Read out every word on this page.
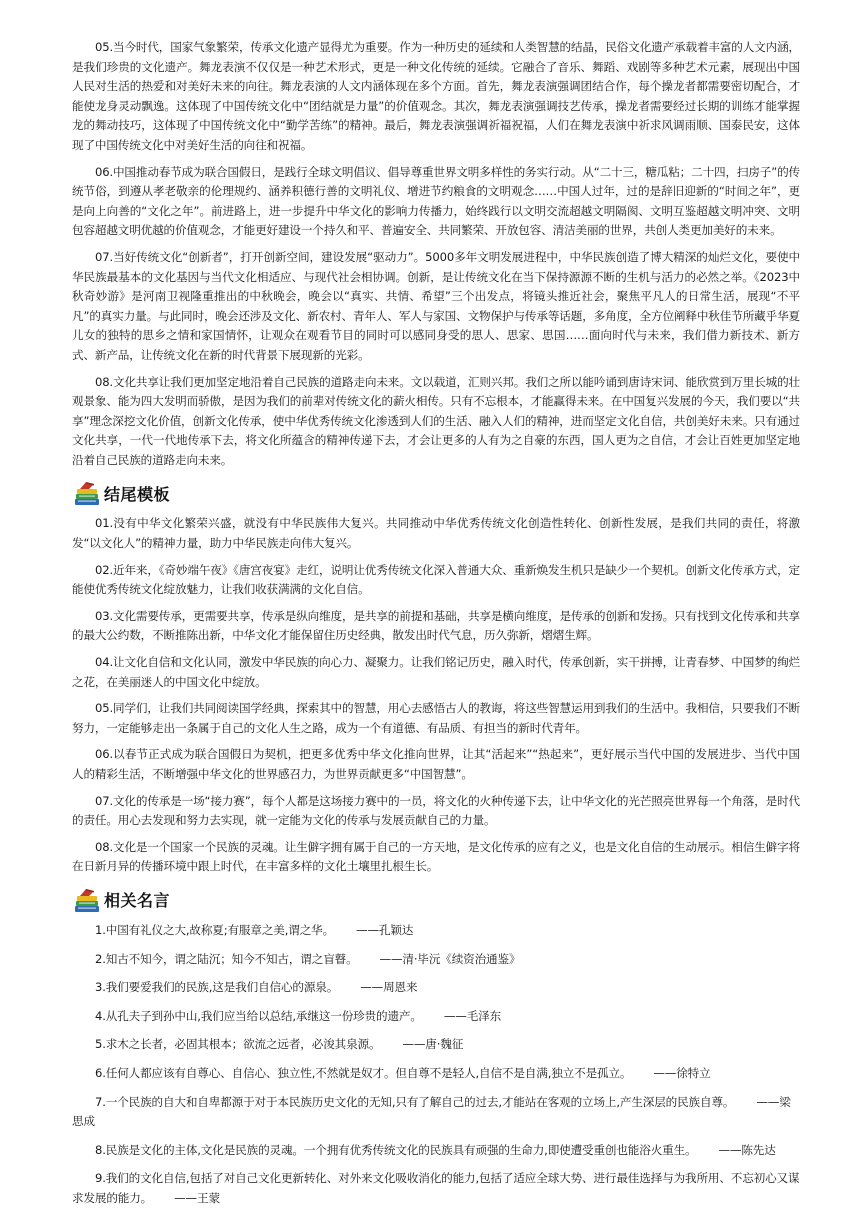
05.当今时代，国家气象繁荣，传承文化遗产显得尤为重要。作为一种历史的延续和人类智慧的结晶，民俗文化遗产承载着丰富的人文内涵，是我们珍贵的文化遗产。舞龙表演不仅仅是一种艺术形式，更是一种文化传统的延续。它融合了音乐、舞蹈、戏剧等多种艺术元素，展现出中国人民对生活的热爱和对美好未来的向往。舞龙表演的人文内涵体现在多个方面。首先，舞龙表演强调团结合作，每个操龙者都需要密切配合，才能使龙身灵动飘逸。这体现了中国传统文化中“团结就是力量”的价值观念。其次，舞龙表演强调技艺传承，操龙者需要经过长期的训练才能掌握龙的舞动技巧，这体现了中国传统文化中“勤学苦练”的精神。最后，舞龙表演强调祈福祝福，人们在舞龙表演中祈求风调雨顺、国泰民安，这体现了中国传统文化中对美好生活的向往和祝福。

06.中国推动春节成为联合国假日，是践行全球文明倡议、倡导尊重世界文明多样性的务实行动。从“二十三，糖瓜粘；二十四，扫房子”的传统节俗，到遵从孝老敬亲的伦理规约、涵养积德行善的文明礼仪、增进节约粮食的文明观念……中国人过年，过的是辞旧迎新的“时间之年”，更是向上向善的“文化之年”。前进路上，进一步提升中华文化的影响力传播力，始终践行以文明交流超越文明隔阂、文明互鉴超越文明冲突、文明包容超越文明优越的价值观念，才能更好建设一个持久和平、普遍安全、共同繁荣、开放包容、清洁美丽的世界，共创人类更加美好的未来。

07.当好传统文化“创新者”，打开创新空间，建设发展“驱动力”。5000多年文明发展进程中，中华民族创造了博大精深的灿烂文化，要使中华民族最基本的文化基因与当代文化相适应、与现代社会相协调。创新，是让传统文化在当下保持源源不断的生机与活力的必然之举。《2023中秋奇妙游》是河南卫视隆重推出的中秋晚会，晚会以“真实、共情、希望”三个出发点，将镜头推近社会，聚焦平凡人的日常生活，展现“不平凡”的真实力量。与此同时，晚会还涉及文化、新农村、青年人、军人与家国、文物保护与传承等话题，多角度，全方位阐释中秋佳节所藏乎华夏儿女的独特的思乡之情和家国情怀，让观众在观看节目的同时可以感同身受的思人、思家、思国……面向时代与未来，我们借力新技术、新方式、新产品，让传统文化在新的时代背景下展现新的光彩。

08.文化共享让我们更加坚定地沿着自己民族的道路走向未来。文以载道，汇则兴邦。我们之所以能吟诵到唐诗宋词、能欣赏到万里长城的壮观景象、能为四大发明而骄傲，是因为我们的前辈对传统文化的薪火相传。只有不忘根本，才能赢得未来。在中国复兴发展的今天，我们要以“共享”理念深挖文化价值，创新文化传承，使中华优秀传统文化渗透到人们的生活、融入人们的精神，进而坚定文化自信，共创美好未来。只有通过文化共享，一代一代地传承下去，将文化所蕴含的精神传递下去，才会让更多的人有为之自豪的东西，国人更为之自信，才会让百姓更加坚定地沿着自己民族的道路走向未来。

结尾模板

01.没有中华文化繁荣兴盛，就没有中华民族伟大复兴。共同推动中华优秀传统文化创造性转化、创新性发展，是我们共同的责任，将激发“以文化人”的精神力量，助力中华民族走向伟大复兴。

02.近年来，《奇妙端午夜》《唐宫夜宴》走红，说明让优秀传统文化深入普通大众、重新焕发生机只是缺少一个契机。创新文化传承方式，定能使优秀传统文化绽放魅力，让我们收获满满的文化自信。

03.文化需要传承，更需要共享，传承是纵向维度，是共享的前提和基础，共享是横向维度，是传承的创新和发扬。只有找到文化传承和共享的最大公约数，不断推陈出新，中华文化才能保留住历史经典，散发出时代气息，历久弥新，熠熠生辉。

04.让文化自信和文化认同，激发中华民族的向心力、凝聚力。让我们铭记历史，融入时代，传承创新，实干拼搏，让青春梦、中国梦的绚烂之花，在美丽迷人的中国文化中绽放。

05.同学们，让我们共同阅读国学经典，探索其中的智慧，用心去感悟古人的教诲，将这些智慧运用到我们的生活中。我相信，只要我们不断努力，一定能够走出一条属于自己的文化人生之路，成为一个有道德、有品质、有担当的新时代青年。

06.以春节正式成为联合国假日为契机，把更多优秀中华文化推向世界，让其“活起来”“热起来”，更好展示当代中国的发展进步、当代中国人的精彩生活，不断增强中华文化的世界感召力，为世界贡献更多“中国智慧”。

07.文化的传承是一场“接力赛”，每个人都是这场接力赛中的一员，将文化的火种传递下去，让中华文化的光芒照亮世界每一个角落，是时代的责任。用心去发现和努力去实现，就一定能为文化的传承与发展贡献自己的力量。

08.文化是一个国家一个民族的灵魂。让生僻字拥有属于自己的一方天地，是文化传承的应有之义，也是文化自信的生动展示。相信生僻字将在日新月异的传播环境中跟上时代，在丰富多样的文化土壤里扎根生长。

相关名言

1.中国有礼仪之大,故称夏;有服章之美,谓之华。 ——孔颖达

2.知古不知今，谓之陆沉；知今不知古，谓之盲瞽。 ——清·毕沅《续资治通鉴》

3.我们要爱我们的民族,这是我们自信心的源泉。 ——周恩来

4.从孔夫子到孙中山,我们应当给以总结,承继这一份珍贵的遗产。 ——毛泽东

5.求木之长者，必固其根本；欲流之远者，必浚其泉源。 ——唐·魏征

6.任何人都应该有自尊心、自信心、独立性,不然就是奴才。但自尊不是轻人,自信不是自满,独立不是孤立。 ——徐特立

7.一个民族的自大和自卑都源于对于本民族历史文化的无知,只有了解自己的过去,才能站在客观的立场上,产生深层的民族自尊。 ——梁思成

8.民族是文化的主体,文化是民族的灵魂。一个拥有优秀传统文化的民族具有顽强的生命力,即使遭受重创也能浴火重生。 ——陈先达

9.我们的文化自信,包括了对自己文化更新转化、对外来文化吸收消化的能力,包括了适应全球大势、进行最佳选择与为我所用、不忘初心又谋求发展的能力。 ——王蒙
